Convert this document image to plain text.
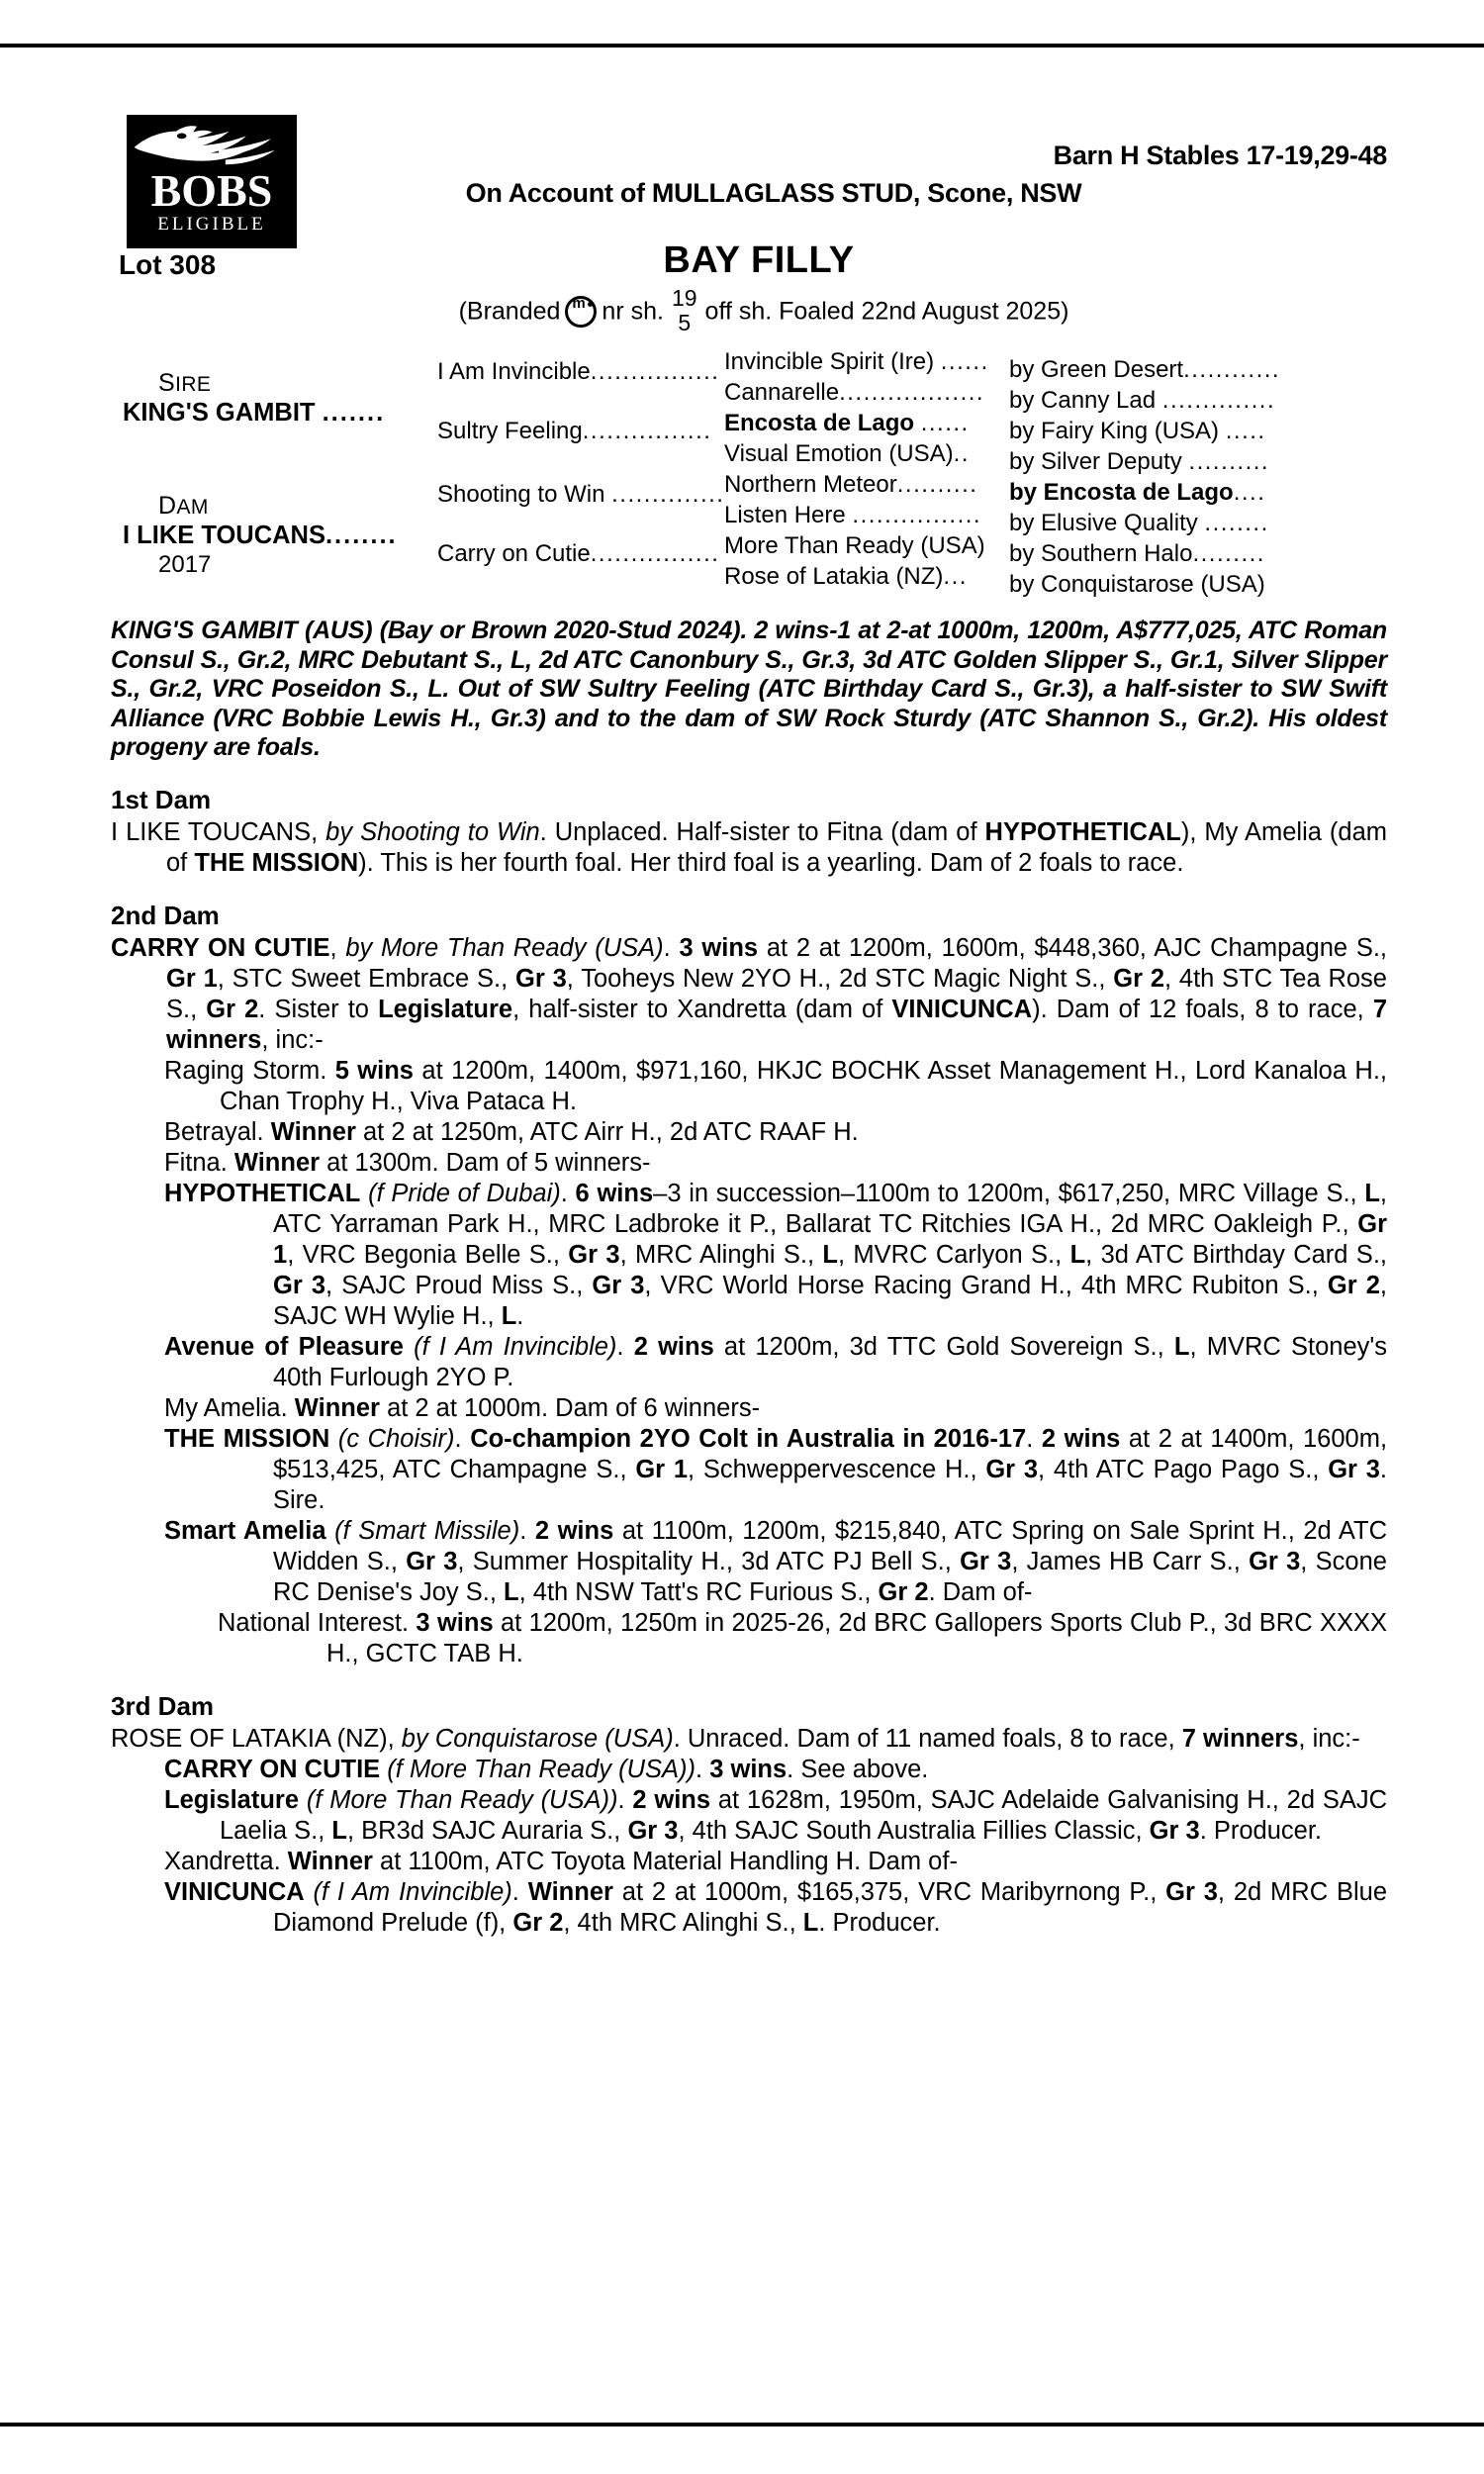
BOBS
ELIGIBLE
Barn H Stables 17-19,29-48
On Account of MULLAGLASS STUD, Scone, NSW
Lot 308	BAY FILLY
(Branded m nr sh. 19
5 off sh. Foaled 22nd August 2025)
SIRE
KING'S GAMBIT .......
DAM
I LIKE TOUCANS........
2017
I Am Invincible................
Sultry Feeling................
Shooting to Win ..............
Carry on Cutie................
Invincible Spirit (Ire) ...... by Green Desert............
Cannarelle.................. by Canny Lad ..............
Encosta de Lago ...... by Fairy King (USA) .....
Visual Emotion (USA).. by Silver Deputy ..........
Northern Meteor.......... by Encosta de Lago....
Listen Here ................ by Elusive Quality ........
More Than Ready (USA) by Southern Halo.........
Rose of Latakia (NZ)... by Conquistarose (USA)
KING'S GAMBIT (AUS) (Bay or Brown 2020-Stud 2024). 2 wins-1 at 2-at 1000m, 1200m, A$777,025, ATC Roman Consul S., Gr.2, MRC Debutant S., L, 2d ATC Canonbury S., Gr.3, 3d ATC Golden Slipper S., Gr.1, Silver Slipper S., Gr.2, VRC Poseidon S., L. Out of SW Sultry Feeling (ATC Birthday Card S., Gr.3), a half-sister to SW Swift Alliance (VRC Bobbie Lewis H., Gr.3) and to the dam of SW Rock Sturdy (ATC Shannon S., Gr.2). His oldest progeny are foals.
1st Dam

I LIKE TOUCANS, by Shooting to Win. Unplaced. Half-sister to Fitna (dam of HYPOTHETICAL), My Amelia (dam of THE MISSION). This is her fourth foal. Her third foal is a yearling. Dam of 2 foals to race.

2nd Dam

CARRY ON CUTIE, by More Than Ready (USA). 3 wins at 2 at 1200m, 1600m, $448,360, AJC Champagne S., Gr 1, STC Sweet Embrace S., Gr 3, Tooheys New 2YO H., 2d STC Magic Night S., Gr 2, 4th STC Tea Rose S., Gr 2. Sister to Legislature, half-sister to Xandretta (dam of VINICUNCA). Dam of 12 foals, 8 to race, 7 winners, inc:-

Raging Storm. 5 wins at 1200m, 1400m, $971,160, HKJC BOCHK Asset Management H., Lord Kanaloa H., Chan Trophy H., Viva Pataca H.

Betrayal. Winner at 2 at 1250m, ATC Airr H., 2d ATC RAAF H.

Fitna. Winner at 1300m. Dam of 5 winners-

HYPOTHETICAL (f Pride of Dubai). 6 wins–3 in succession–1100m to 1200m, $617,250, MRC Village S., L, ATC Yarraman Park H., MRC Ladbroke it P., Ballarat TC Ritchies IGA H., 2d MRC Oakleigh P., Gr 1, VRC Begonia Belle S., Gr 3, MRC Alinghi S., L, MVRC Carlyon S., L, 3d ATC Birthday Card S., Gr 3, SAJC Proud Miss S., Gr 3, VRC World Horse Racing Grand H., 4th MRC Rubiton S., Gr 2, SAJC WH Wylie H., L.

Avenue of Pleasure (f I Am Invincible). 2 wins at 1200m, 3d TTC Gold Sovereign S., L, MVRC Stoney's 40th Furlough 2YO P.

My Amelia. Winner at 2 at 1000m. Dam of 6 winners-

THE MISSION (c Choisir). Co-champion 2YO Colt in Australia in 2016-17. 2 wins at 2 at 1400m, 1600m, $513,425, ATC Champagne S., Gr 1, Schweppervescence H., Gr 3, 4th ATC Pago Pago S., Gr 3. Sire.

Smart Amelia (f Smart Missile). 2 wins at 1100m, 1200m, $215,840, ATC Spring on Sale Sprint H., 2d ATC Widden S., Gr 3, Summer Hospitality H., 3d ATC PJ Bell S., Gr 3, James HB Carr S., Gr 3, Scone RC Denise's Joy S., L, 4th NSW Tatt's RC Furious S., Gr 2. Dam of-

National Interest. 3 wins at 1200m, 1250m in 2025-26, 2d BRC Gallopers Sports Club P., 3d BRC XXXX H., GCTC TAB H.

3rd Dam

ROSE OF LATAKIA (NZ), by Conquistarose (USA). Unraced. Dam of 11 named foals, 8 to race, 7 winners, inc:-

CARRY ON CUTIE (f More Than Ready (USA)). 3 wins. See above.

Legislature (f More Than Ready (USA)). 2 wins at 1628m, 1950m, SAJC Adelaide Galvanising H., 2d SAJC Laelia S., L, BR3d SAJC Auraria S., Gr 3, 4th SAJC South Australia Fillies Classic, Gr 3. Producer.

Xandretta. Winner at 1100m, ATC Toyota Material Handling H. Dam of-

VINICUNCA (f I Am Invincible). Winner at 2 at 1000m, $165,375, VRC Maribyrnong P., Gr 3, 2d MRC Blue Diamond Prelude (f), Gr 2, 4th MRC Alinghi S., L. Producer.
